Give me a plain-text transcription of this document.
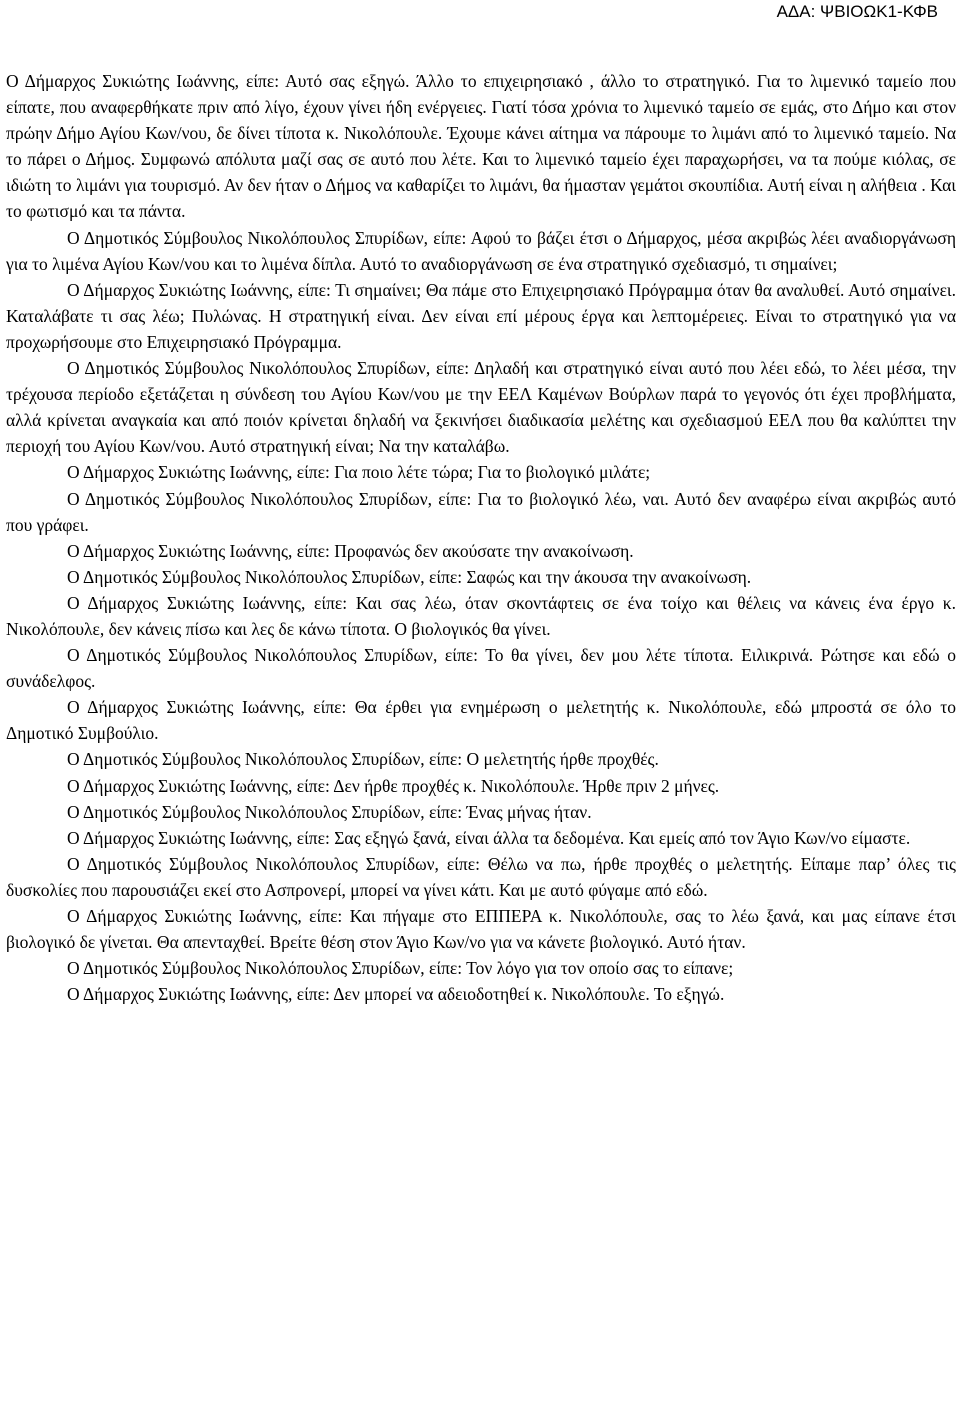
ΑΔΑ: ΨΒΙΟΩΚ1-ΚΦΒ

Ο Δήμαρχος Συκιώτης Ιωάννης, είπε: Αυτό σας εξηγώ. Άλλο το επιχειρησιακό , άλλο το στρατηγικό. Για το λιμενικό ταμείο που είπατε, που αναφερθήκατε πριν από λίγο, έχουν γίνει ήδη ενέργειες. Γιατί τόσα χρόνια το λιμενικό ταμείο σε εμάς, στο Δήμο και στον πρώην Δήμο Αγίου Κων/νου, δε δίνει τίποτα κ. Νικολόπουλε. Έχουμε κάνει αίτημα να πάρουμε το λιμάνι από το λιμενικό ταμείο. Να το πάρει ο Δήμος. Συμφωνώ απόλυτα μαζί σας σε αυτό που λέτε. Και το λιμενικό ταμείο έχει παραχωρήσει, να τα πούμε κιόλας, σε ιδιώτη το λιμάνι για τουρισμό. Αν δεν ήταν ο Δήμος να καθαρίζει το λιμάνι, θα ήμασταν γεμάτοι σκουπίδια. Αυτή είναι η αλήθεια . Και το φωτισμό και τα πάντα.

Ο Δημοτικός Σύμβουλος Νικολόπουλος Σπυρίδων, είπε: Αφού το βάζει έτσι ο Δήμαρχος, μέσα ακριβώς λέει αναδιοργάνωση για το λιμένα Αγίου Κων/νου και το λιμένα δίπλα. Αυτό το αναδιοργάνωση σε ένα στρατηγικό σχεδιασμό, τι σημαίνει;

Ο Δήμαρχος Συκιώτης Ιωάννης, είπε: Τι σημαίνει; Θα πάμε στο Επιχειρησιακό Πρόγραμμα όταν θα αναλυθεί. Αυτό σημαίνει. Καταλάβατε τι σας λέω; Πυλώνας. Η στρατηγική είναι. Δεν είναι επί μέρους έργα και λεπτομέρειες. Είναι το στρατηγικό για να προχωρήσουμε στο Επιχειρησιακό Πρόγραμμα.

Ο Δημοτικός Σύμβουλος Νικολόπουλος Σπυρίδων, είπε: Δηλαδή και στρατηγικό είναι αυτό που λέει εδώ, το λέει μέσα, την τρέχουσα περίοδο εξετάζεται η σύνδεση του Αγίου Κων/νου με την ΕΕΛ Καμένων Βούρλων παρά το γεγονός ότι έχει προβλήματα, αλλά κρίνεται αναγκαία και από ποιόν κρίνεται δηλαδή να ξεκινήσει διαδικασία μελέτης και σχεδιασμού ΕΕΛ που θα καλύπτει την περιοχή του Αγίου Κων/νου. Αυτό στρατηγική είναι; Να την καταλάβω.

Ο Δήμαρχος Συκιώτης Ιωάννης, είπε: Για ποιο λέτε τώρα; Για το βιολογικό μιλάτε;

Ο Δημοτικός Σύμβουλος Νικολόπουλος Σπυρίδων, είπε: Για το βιολογικό λέω, ναι. Αυτό δεν αναφέρω είναι ακριβώς αυτό που γράφει.

Ο Δήμαρχος Συκιώτης Ιωάννης, είπε: Προφανώς δεν ακούσατε την ανακοίνωση.

Ο Δημοτικός Σύμβουλος Νικολόπουλος Σπυρίδων, είπε: Σαφώς και την άκουσα την ανακοίνωση.

Ο Δήμαρχος Συκιώτης Ιωάννης, είπε: Και σας λέω, όταν σκοντάφτεις σε ένα τοίχο και θέλεις να κάνεις ένα έργο κ. Νικολόπουλε, δεν κάνεις πίσω και λες δε κάνω τίποτα. Ο βιολογικός θα γίνει.

Ο Δημοτικός Σύμβουλος Νικολόπουλος Σπυρίδων, είπε: Το θα γίνει, δεν μου λέτε τίποτα. Ειλικρινά. Ρώτησε και εδώ ο συνάδελφος.

Ο Δήμαρχος Συκιώτης Ιωάννης, είπε: Θα έρθει για ενημέρωση ο μελετητής κ. Νικολόπουλε, εδώ μπροστά σε όλο το Δημοτικό Συμβούλιο.

Ο Δημοτικός Σύμβουλος Νικολόπουλος Σπυρίδων, είπε: Ο μελετητής ήρθε προχθές.

Ο Δήμαρχος Συκιώτης Ιωάννης, είπε: Δεν ήρθε προχθές κ. Νικολόπουλε. Ήρθε πριν 2 μήνες.

Ο Δημοτικός Σύμβουλος Νικολόπουλος Σπυρίδων, είπε: Ένας μήνας ήταν.

Ο Δήμαρχος Συκιώτης Ιωάννης, είπε: Σας εξηγώ ξανά, είναι άλλα τα δεδομένα. Και εμείς από τον Άγιο Κων/νο είμαστε.

Ο Δημοτικός Σύμβουλος Νικολόπουλος Σπυρίδων, είπε: Θέλω να πω, ήρθε προχθές ο μελετητής. Είπαμε παρ’ όλες τις δυσκολίες που παρουσιάζει εκεί στο Ασπρονερί, μπορεί να γίνει κάτι. Και με αυτό φύγαμε από εδώ.

Ο Δήμαρχος Συκιώτης Ιωάννης, είπε: Και πήγαμε στο ΕΠΠΕΡΑ κ. Νικολόπουλε, σας το λέω ξανά, και μας είπανε έτσι βιολογικό δε γίνεται. Θα απενταχθεί. Βρείτε θέση στον Άγιο Κων/νο για να κάνετε βιολογικό. Αυτό ήταν.

Ο Δημοτικός Σύμβουλος Νικολόπουλος Σπυρίδων, είπε: Τον λόγο για τον οποίο σας το είπανε;

Ο Δήμαρχος Συκιώτης Ιωάννης, είπε: Δεν μπορεί να αδειοδοτηθεί κ. Νικολόπουλε. Το εξηγώ.
